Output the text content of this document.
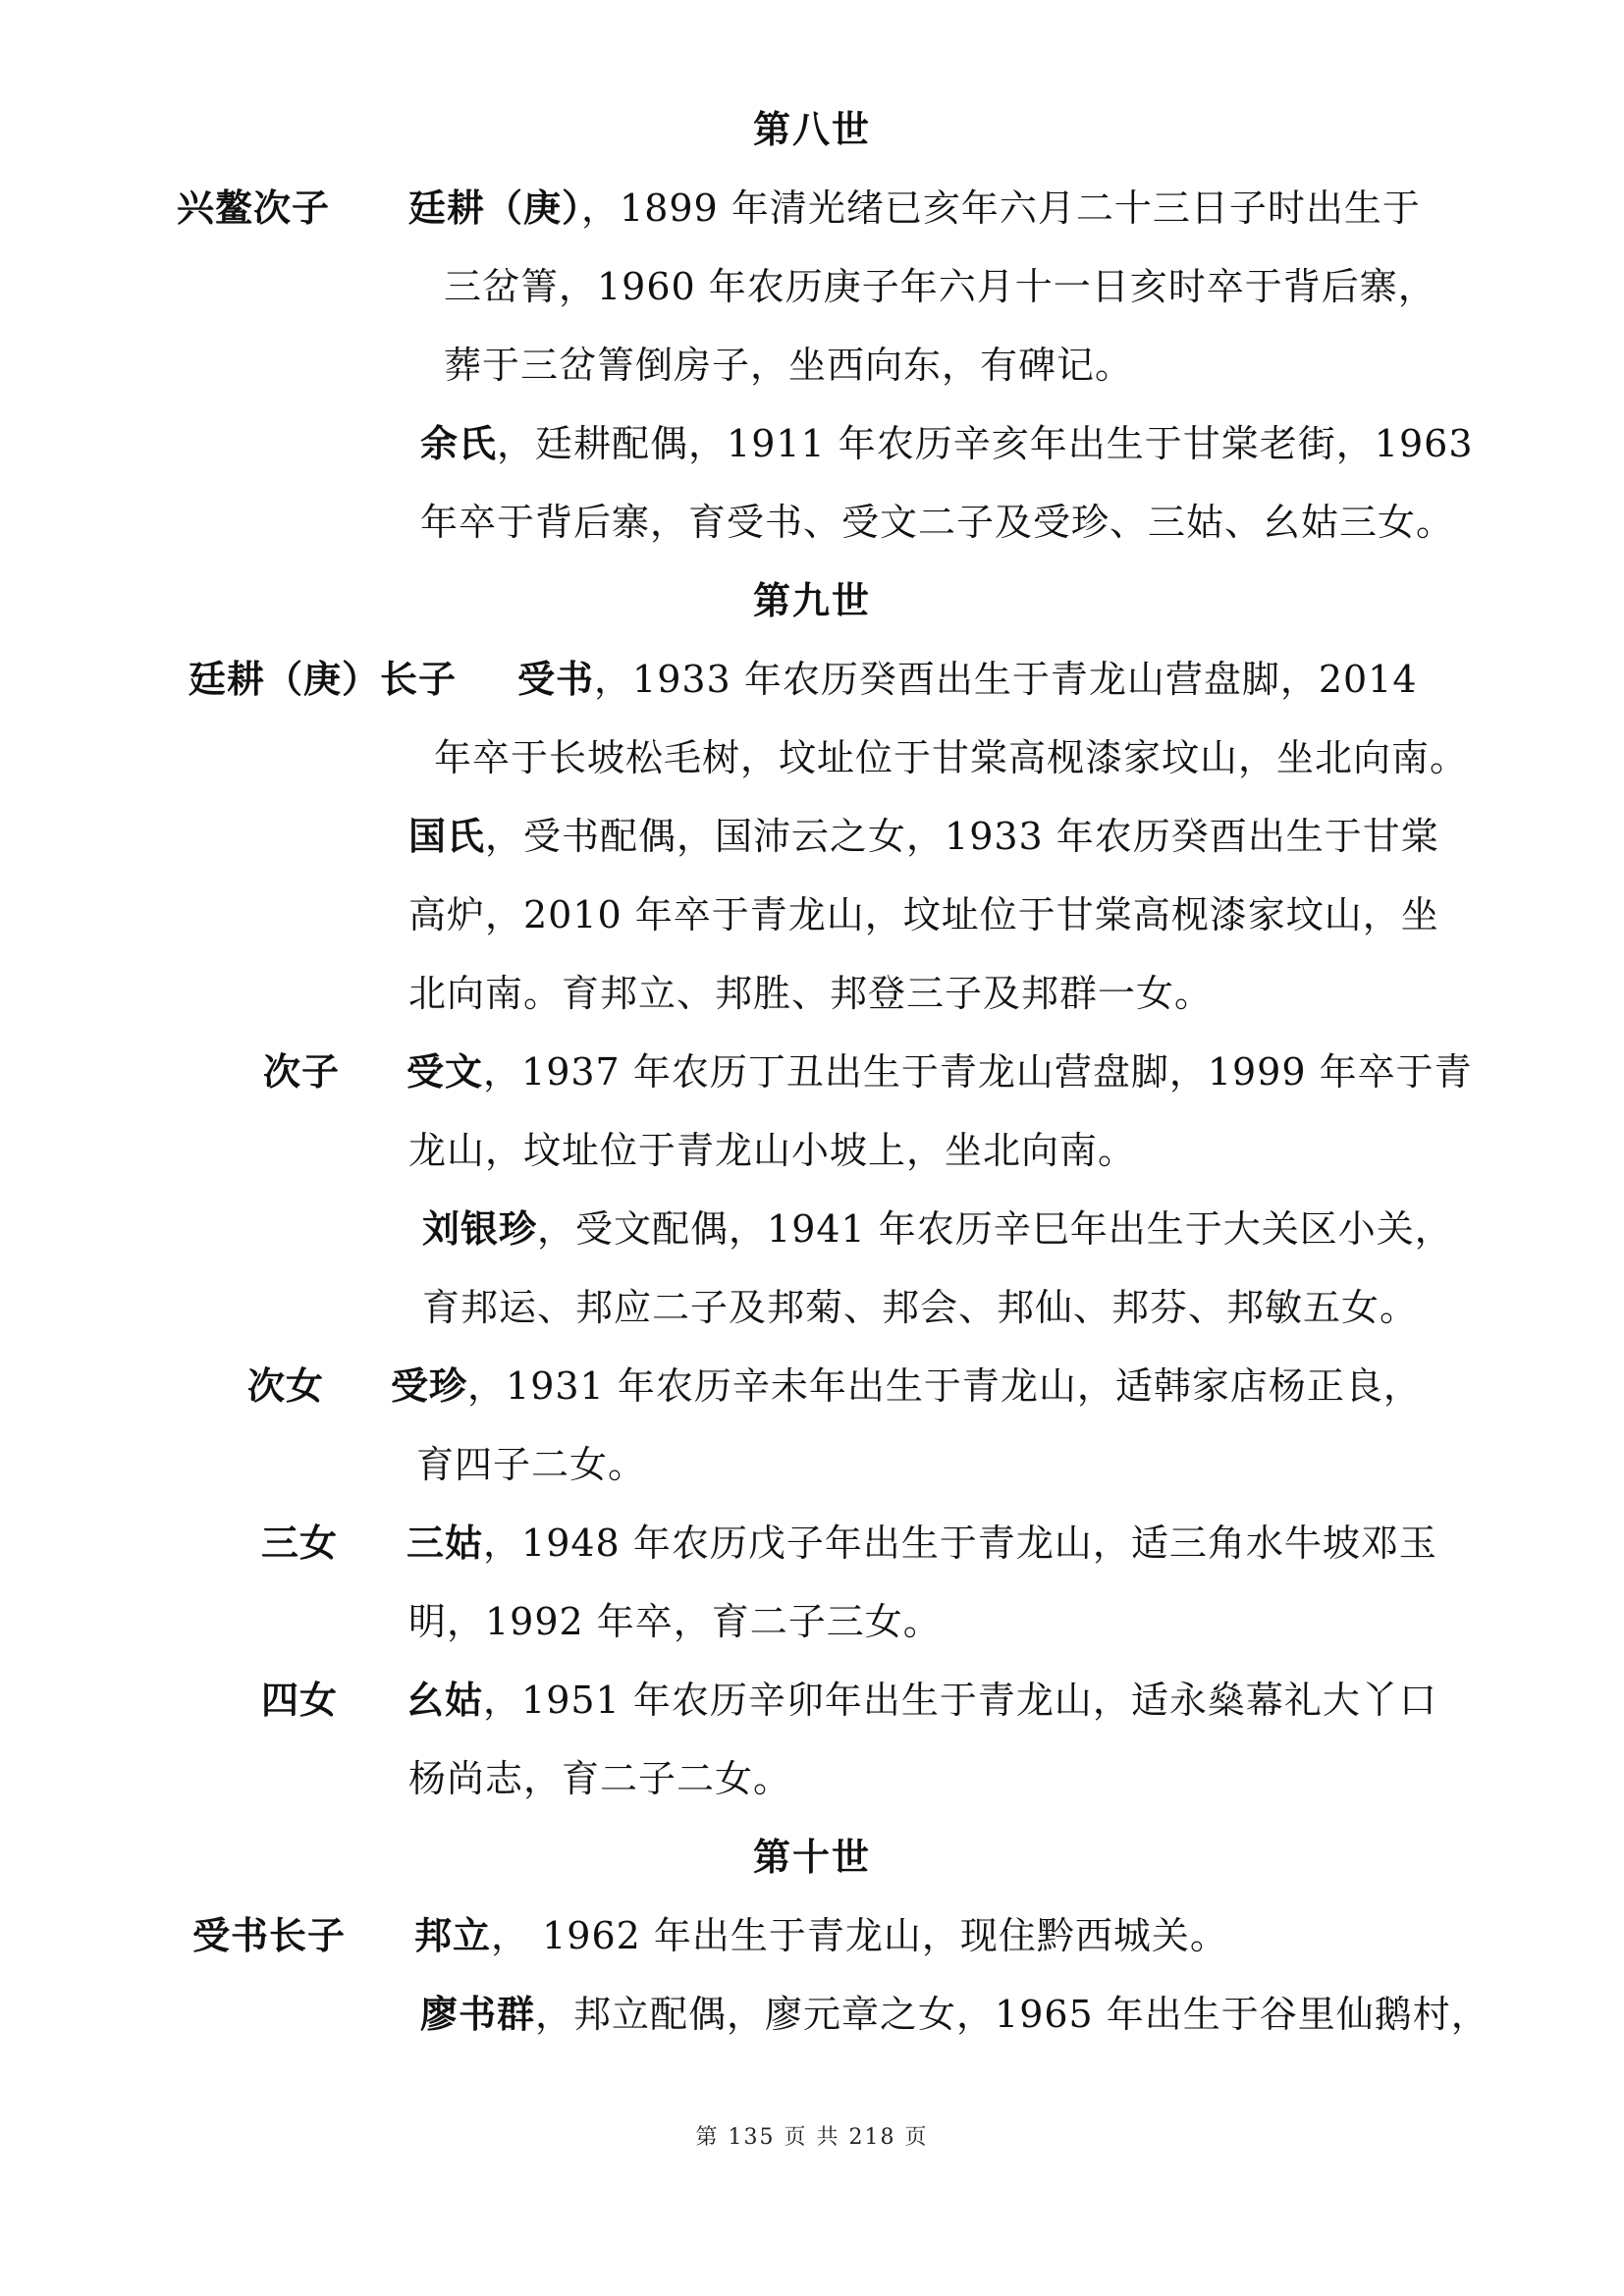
第八世
兴鳌次子 廷耕（庚），1899 年清光绪已亥年六月二十三日子时出生于
三岔箐，1960 年农历庚子年六月十一日亥时卒于背后寨，
葬于三岔箐倒房子，坐西向东，有碑记。
余氏，廷耕配偶，1911 年农历辛亥年出生于甘棠老街，1963
年卒于背后寨，育受书、受文二子及受珍、三姑、幺姑三女。
第九世
廷耕（庚）长子 受书，1933 年农历癸酉出生于青龙山营盘脚，2014
年卒于长坡松毛树，坟址位于甘棠高枧漆家坟山，坐北向南。
国氏，受书配偶，国沛云之女，1933 年农历癸酉出生于甘棠
高炉，2010 年卒于青龙山，坟址位于甘棠高枧漆家坟山，坐
北向南。育邦立、邦胜、邦登三子及邦群一女。
次子 受文，1937 年农历丁丑出生于青龙山营盘脚，1999 年卒于青
龙山，坟址位于青龙山小坡上，坐北向南。
刘银珍，受文配偶，1941 年农历辛巳年出生于大关区小关，
育邦运、邦应二子及邦菊、邦会、邦仙、邦芬、邦敏五女。
次女 受珍，1931 年农历辛未年出生于青龙山，适韩家店杨正良，
育四子二女。
三女 三姑，1948 年农历戊子年出生于青龙山，适三角水牛坡邓玉
明，1992 年卒，育二子三女。
四女 幺姑，1951 年农历辛卯年出生于青龙山，适永燊幕礼大丫口
杨尚志，育二子二女。
第十世
受书长子 邦立， 1962 年出生于青龙山，现住黔西城关。
廖书群，邦立配偶，廖元章之女，1965 年出生于谷里仙鹅村，
第 135 页 共 218 页
